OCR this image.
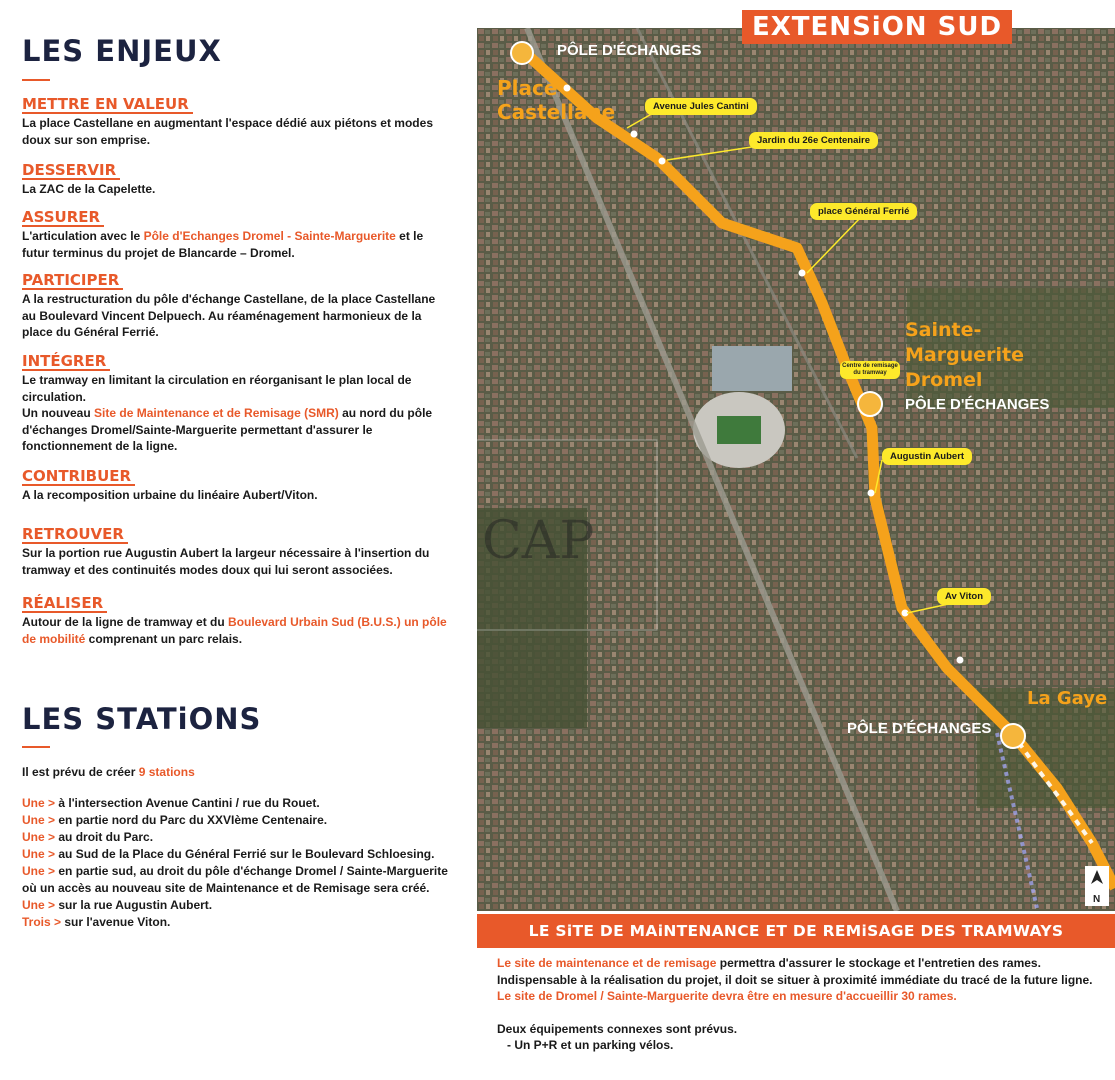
LES ENJEUX
METTRE EN VALEUR
La place Castellane en augmentant l'espace dédié aux piétons et modes doux sur son emprise.
DESSERVIR
La ZAC de la Capelette.
ASSURER
L'articulation avec le Pôle d'Echanges Dromel - Sainte-Marguerite et le futur terminus du projet de Blancarde – Dromel.
PARTICIPER
A la restructuration du pôle d'échange Castellane, de la place Castellane au Boulevard Vincent Delpuech. Au réaménagement harmonieux de la place du Général Ferrié.
INTÉGRER
Le tramway en limitant la circulation en réorganisant le plan local de circulation.
Un nouveau Site de Maintenance et de Remisage (SMR) au nord du pôle d'échanges Dromel/Sainte-Marguerite permettant d'assurer le fonctionnement de la ligne.
CONTRIBUER
A la recomposition urbaine du linéaire Aubert/Viton.
RETROUVER
Sur la portion rue Augustin Aubert la largeur nécessaire à l'insertion du tramway et des continuités modes doux qui lui seront associées.
RÉALISER
Autour de la ligne de tramway et du Boulevard Urbain Sud (B.U.S.) un pôle de mobilité comprenant un parc relais.
LES STATiONS
Il est prévu de créer 9 stations
Une > à l'intersection Avenue Cantini / rue du Rouet.
Une > en partie nord du Parc du XXVIème Centenaire.
Une > au droit du Parc.
Une > au Sud de la Place du Général Ferrié sur le Boulevard Schloesing.
Une > en partie sud, au droit du pôle d'échange Dromel / Sainte-Marguerite où un accès au nouveau site de Maintenance et de Remisage sera créé.
Une > sur la rue Augustin Aubert.
Trois > sur l'avenue Viton.
N
CAP
Place Castellane
Sainte-Marguerite Dromel
La Gaye
PÔLE D'ÉCHANGES
PÔLE D'ÉCHANGES
PÔLE D'ÉCHANGES
Avenue Jules Cantini
Jardin du 26e Centenaire
place Général Ferrié
Augustin Aubert
Av Viton
Centre de remisage du tramway
EXTENSiON SUD
LE SiTE DE MAiNTENANCE ET DE REMiSAGE DES TRAMWAYS

Le site de maintenance et de remisage permettra d'assurer le stockage et l'entretien des rames.

Indispensable à la réalisation du projet, il doit se situer à proximité immédiate du tracé de la future ligne.

Le site de Dromel / Sainte-Marguerite devra être en mesure d'accueillir 30 rames.

Deux équipements connexes sont prévus.

- Un P+R et un parking vélos.
